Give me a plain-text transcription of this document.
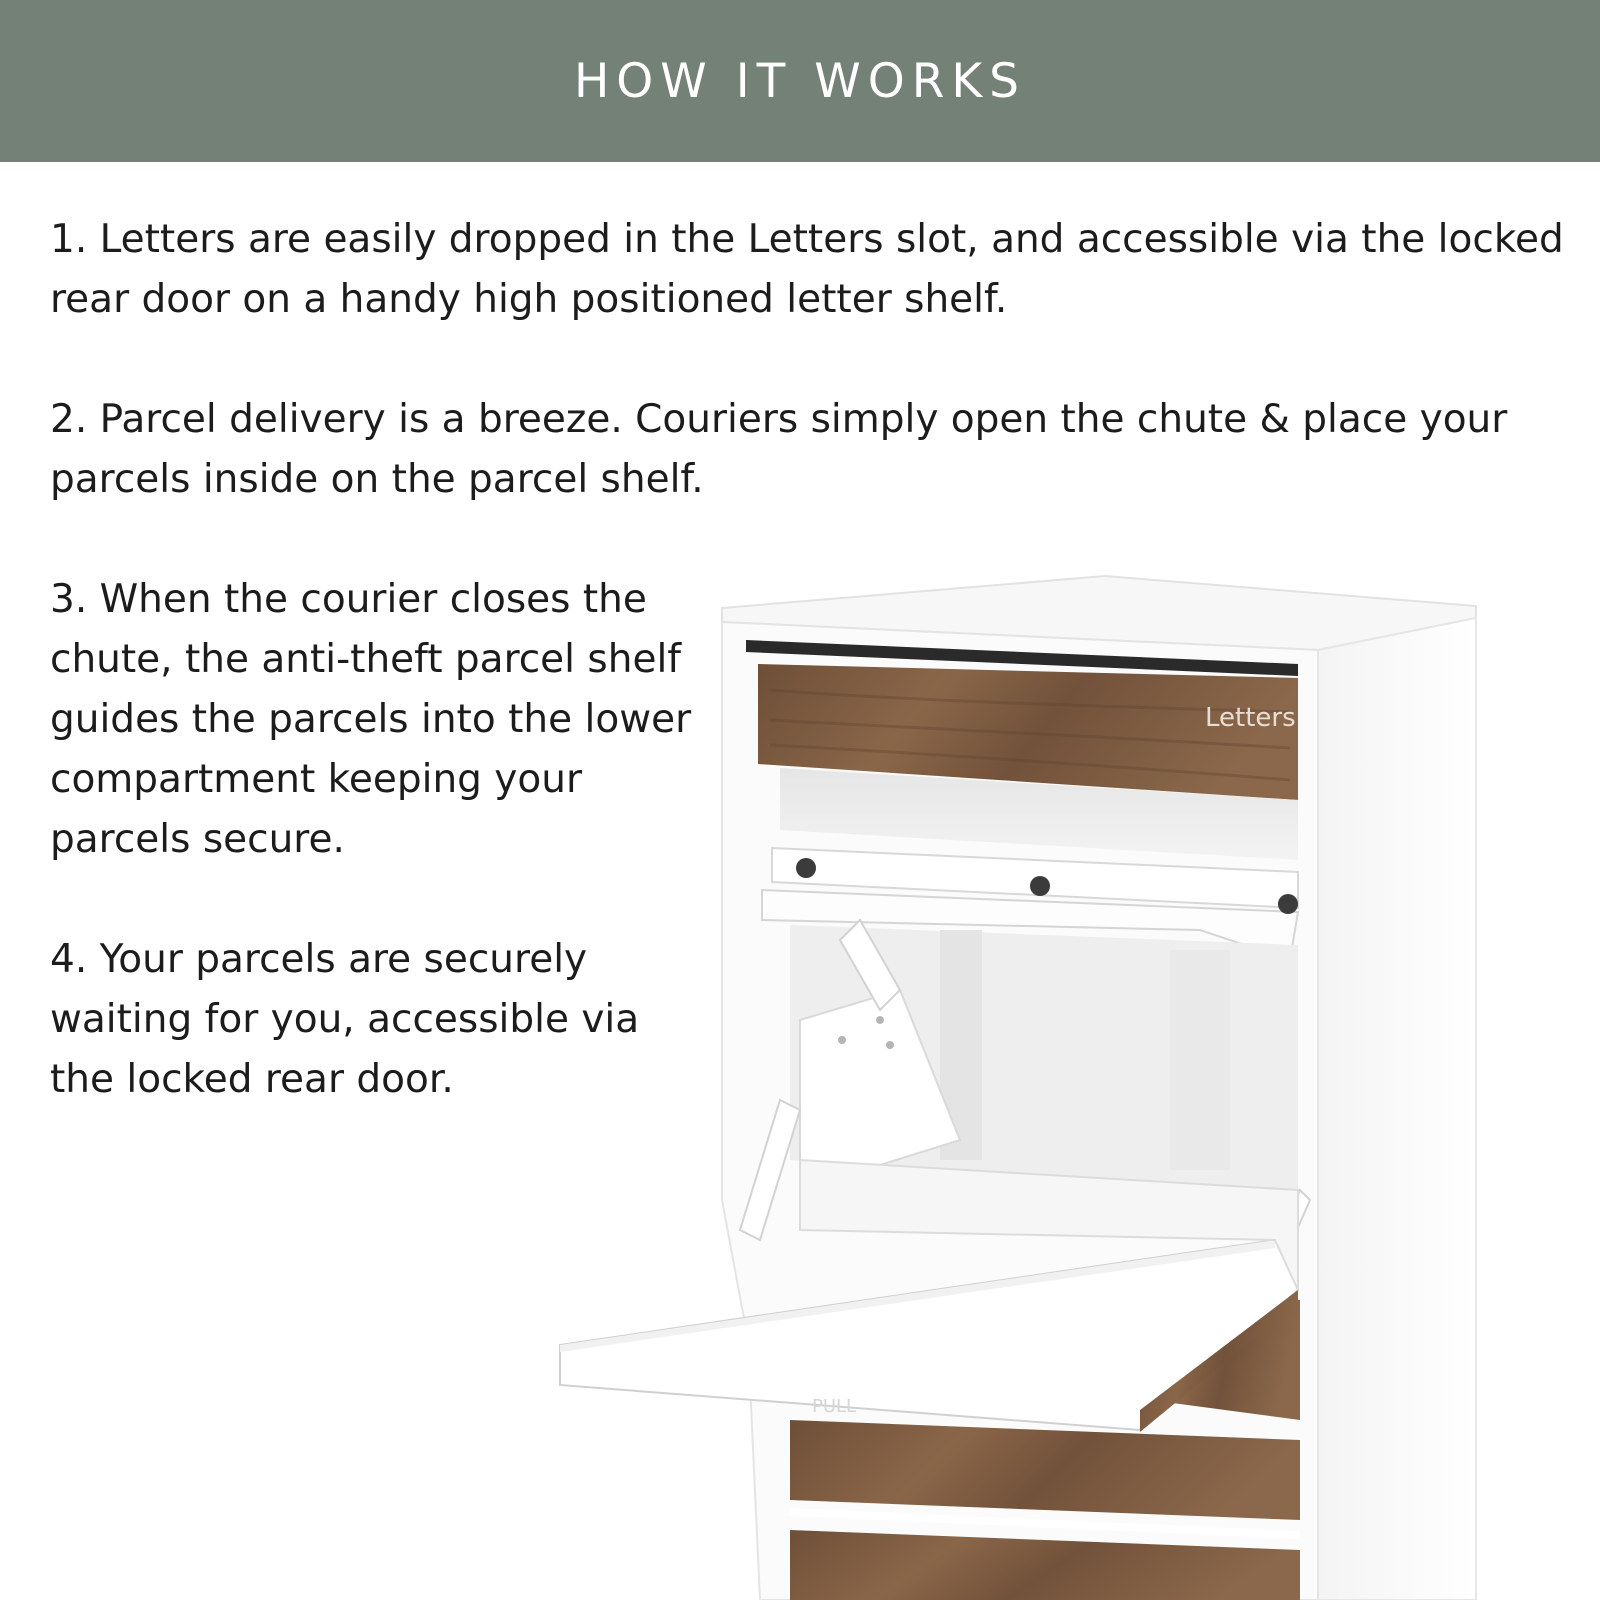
HOW IT WORKS

1. Letters are easily dropped in the Letters slot, and accessible via the locked rear door on a handy high positioned letter shelf.

2. Parcel delivery is a breeze. Couriers simply open the chute & place your parcels inside on the parcel shelf.

3. When the courier closes the chute, the anti-theft parcel shelf guides the parcels into the lower compartment keeping your parcels secure.

4. Your parcels are securely waiting for you, accessible via the locked rear door.

Letters
PULL
